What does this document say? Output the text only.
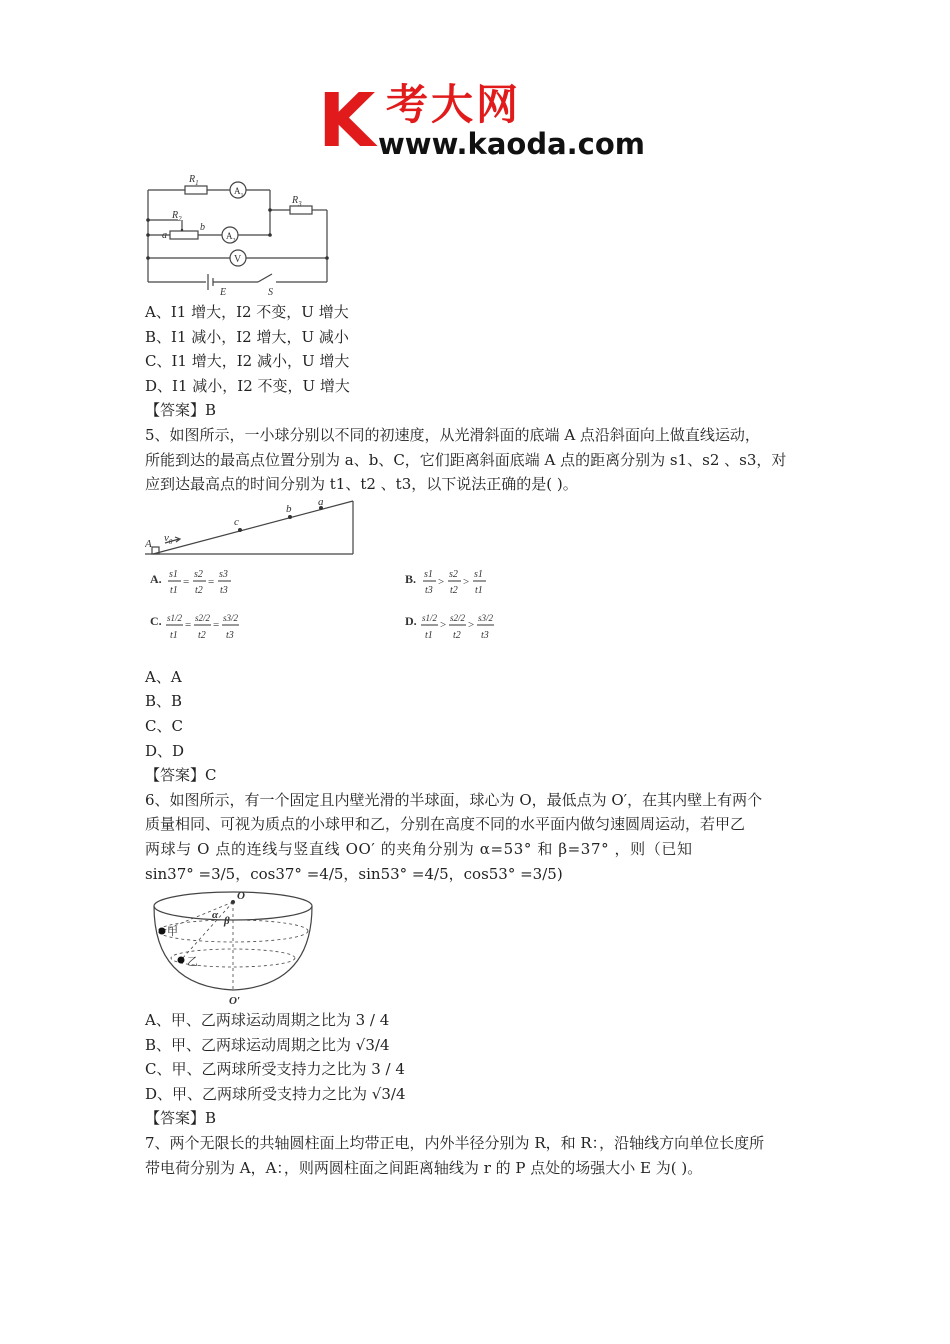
K 考大网
www.kaoda.com
$R_1$
$A_1$	$R_3$
$R_2$
a
b
$A_2$
V
E	S
A、I1 增大，I2 不变，U 增大
B、I1 减小，I2 增大，U 减小
C、I1 增大，I2 减小，U 增大
D、I1 减小，I2 不变，U 增大
【答案】B
5、如图所示，一小球分别以不同的初速度，从光滑斜面的底端 A 点沿斜面向上做直线运动，
所能到达的最高点位置分别为 a、b、C，它们距离斜面底端 A 点的距离分别为 s1、s2 、s3，对
应到达最高点的时间分别为 t1、t2 、t3，以下说法正确的是( )。
A $v_0$
c
b
a
A. s1
t1
=
s2
t2
=
s3
t3
B. s1
t3
>
s2
t2
>
s1
t1
C. s1/2
t1
=
s2/2
t2
=
s3/2
t3
D. s1/2
t1
>
s2/2
t2
>
s3/2
t3
A、A
B、B
C、C
D、D
【答案】C
6、如图所示，有一个固定且内壁光滑的半球面，球心为 O，最低点为 O′，在其内壁上有两个
质量相同、可视为质点的小球甲和乙，分别在高度不同的水平面内做匀速圆周运动，若甲乙
两球与 O 点的连线与竖直线 OO′ 的夹角分别为 α=53° 和 β=37° ，则（已知
sin37° =3/5，cos37° =4/5，sin53° =4/5，cos53° =3/5)
O
O′
α β
甲
乙
A、甲、乙两球运动周期之比为 3 / 4
B、甲、乙两球运动周期之比为 √3/4
C、甲、乙两球所受支持力之比为 3 / 4
D、甲、乙两球所受支持力之比为 √3/4
【答案】B
7、两个无限长的共轴圆柱面上均带正电，内外半径分别为 R，和 R：，沿轴线方向单位长度所
带电荷分别为 A，A：，则两圆柱面之间距离轴线为 r 的 P 点处的场强大小 E 为( )。
